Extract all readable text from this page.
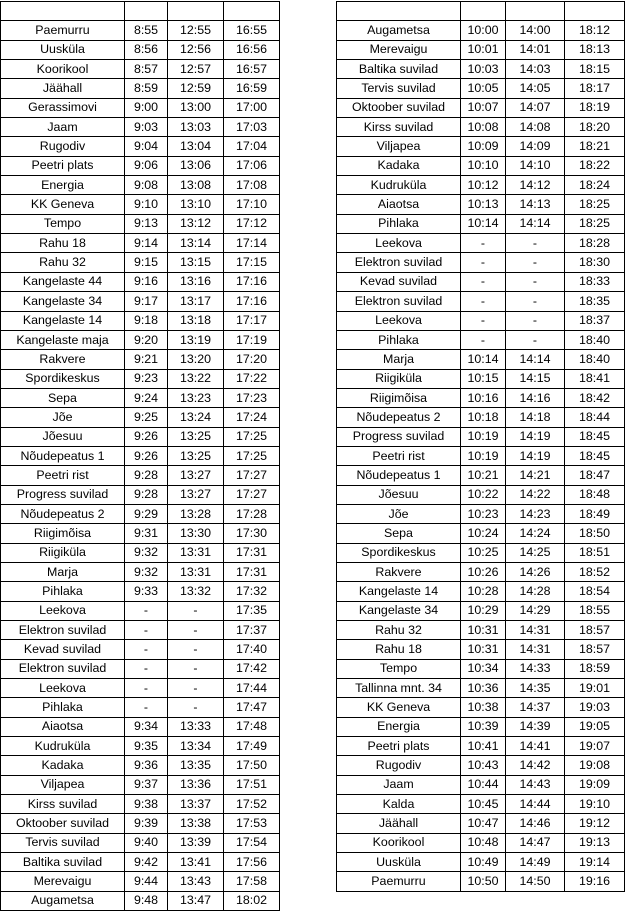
Paemurru	8:55	12:55	16:55
Uusküla	8:56	12:56	16:56
Koorikool	8:57	12:57	16:57
Jäähall	8:59	12:59	16:59
Gerassimovi	9:00	13:00	17:00
Jaam	9:03	13:03	17:03
Rugodiv	9:04	13:04	17:04
Peetri plats	9:06	13:06	17:06
Energia	9:08	13:08	17:08
KK Geneva	9:10	13:10	17:10
Tempo	9:13	13:12	17:12
Rahu 18	9:14	13:14	17:14
Rahu 32	9:15	13:15	17:15
Kangelaste 44	9:16	13:16	17:16
Kangelaste 34	9:17	13:17	17:16
Kangelaste 14	9:18	13:18	17:17
Kangelaste maja	9:20	13:19	17:19
Rakvere	9:21	13:20	17:20
Spordikeskus	9:23	13:22	17:22
Sepa	9:24	13:23	17:23
Jõe	9:25	13:24	17:24
Jõesuu	9:26	13:25	17:25
Nõudepeatus 1	9:26	13:25	17:25
Peetri rist	9:28	13:27	17:27
Progress suvilad	9:28	13:27	17:27
Nõudepeatus 2	9:29	13:28	17:28
Riigimõisa	9:31	13:30	17:30
Riigiküla	9:32	13:31	17:31
Marja	9:32	13:31	17:31
Pihlaka	9:33	13:32	17:32
Leekova	-	-	17:35
Elektron suvilad	-	-	17:37
Kevad suvilad	-	-	17:40
Elektron suvilad	-	-	17:42
Leekova	-	-	17:44
Pihlaka	-	-	17:47
Aiaotsa	9:34	13:33	17:48
Kudruküla	9:35	13:34	17:49
Kadaka	9:36	13:35	17:50
Viljapea	9:37	13:36	17:51
Kirss suvilad	9:38	13:37	17:52
Oktoober suvilad	9:39	13:38	17:53
Tervis suvilad	9:40	13:39	17:54
Baltika suvilad	9:42	13:41	17:56
Merevaigu	9:44	13:43	17:58
Augametsa	9:48	13:47	18:02

Augametsa	10:00	14:00	18:12
Merevaigu	10:01	14:01	18:13
Baltika suvilad	10:03	14:03	18:15
Tervis suvilad	10:05	14:05	18:17
Oktoober suvilad	10:07	14:07	18:19
Kirss suvilad	10:08	14:08	18:20
Viljapea	10:09	14:09	18:21
Kadaka	10:10	14:10	18:22
Kudruküla	10:12	14:12	18:24
Aiaotsa	10:13	14:13	18:25
Pihlaka	10:14	14:14	18:25
Leekova	-	-	18:28
Elektron suvilad	-	-	18:30
Kevad suvilad	-	-	18:33
Elektron suvilad	-	-	18:35
Leekova	-	-	18:37
Pihlaka	-	-	18:40
Marja	10:14	14:14	18:40
Riigiküla	10:15	14:15	18:41
Riigimõisa	10:16	14:16	18:42
Nõudepeatus 2	10:18	14:18	18:44
Progress suvilad	10:19	14:19	18:45
Peetri rist	10:19	14:19	18:45
Nõudepeatus 1	10:21	14:21	18:47
Jõesuu	10:22	14:22	18:48
Jõe	10:23	14:23	18:49
Sepa	10:24	14:24	18:50
Spordikeskus	10:25	14:25	18:51
Rakvere	10:26	14:26	18:52
Kangelaste 14	10:28	14:28	18:54
Kangelaste 34	10:29	14:29	18:55
Rahu 32	10:31	14:31	18:57
Rahu 18	10:31	14:31	18:57
Tempo	10:34	14:33	18:59
Tallinna mnt. 34	10:36	14:35	19:01
KK Geneva	10:38	14:37	19:03
Energia	10:39	14:39	19:05
Peetri plats	10:41	14:41	19:07
Rugodiv	10:43	14:42	19:08
Jaam	10:44	14:43	19:09
Kalda	10:45	14:44	19:10
Jäähall	10:47	14:46	19:12
Koorikool	10:48	14:47	19:13
Uusküla	10:49	14:49	19:14
Paemurru	10:50	14:50	19:16
